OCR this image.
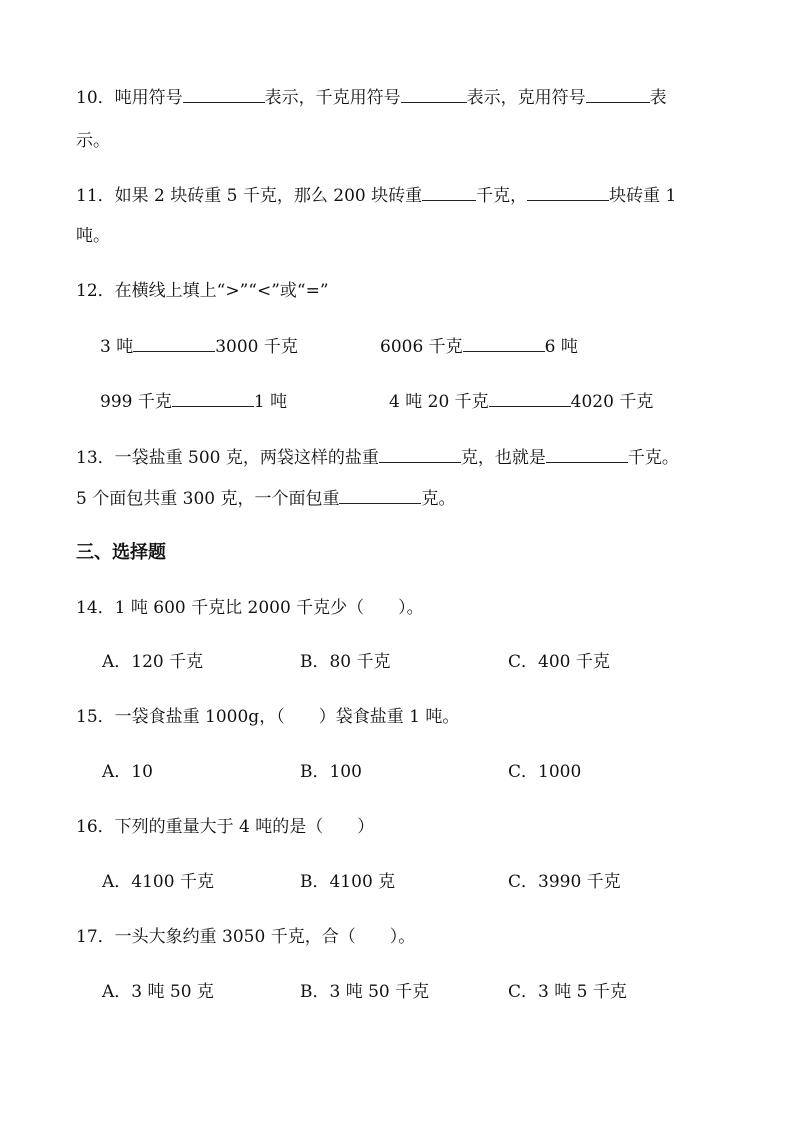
10．吨用符号	表示，千克用符号	表示，克用符号	表
示。
11．如果 2 块砖重 5 千克，那么 200 块砖重	千克，	块砖重 1
吨。
12．在横线上填上“>”“<”或“=”
3 吨	3000 千克	6006 千克	6 吨
999 千克	1 吨	4 吨 20 千克	4020 千克
13．一袋盐重 500 克，两袋这样的盐重	克，也就是	千克。
5 个面包共重 300 克，一个面包重	克。
三、选择题
14．1 吨 600 千克比 2000 千克少（　　）。
A．120 千克	B．80 千克	C．400 千克
15．一袋食盐重 1000g，（　　）袋食盐重 1 吨。
A．10	B．100	C．1000
16．下列的重量大于 4 吨的是（　　）
A．4100 千克	B．4100 克	C．3990 千克
17．一头大象约重 3050 千克，合（　　）。
A．3 吨 50 克	B．3 吨 50 千克	C．3 吨 5 千克
